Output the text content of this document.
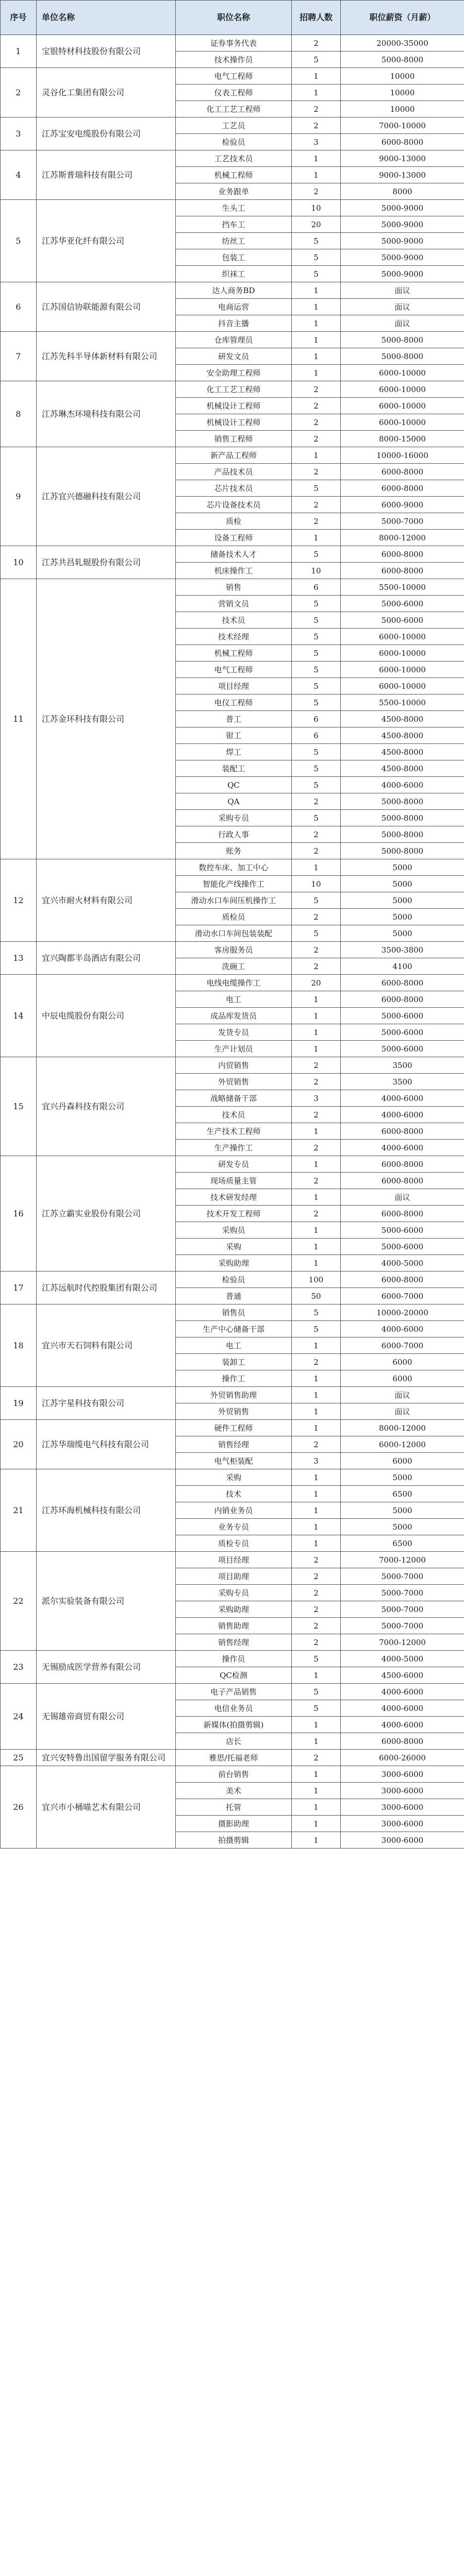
序号	单位名称	职位名称	招聘人数	职位薪资（月薪）
1	宝银特材科技股份有限公司	证券事务代表	2	20000-35000
		技术操作员	5	5000-8000
2	灵谷化工集团有限公司	电气工程师	1	10000
		仪表工程师	1	10000
		化工工艺工程师	2	10000
3	江苏宝安电缆股份有限公司	工艺员	2	7000-10000
		检验员	3	6000-8000
4	江苏斯普瑞科技有限公司	工艺技术员	1	9000-13000
		机械工程师	1	9000-13000
		业务跟单	2	8000
5	江苏华亚化纤有限公司	生头工	10	5000-9000
		挡车工	20	5000-9000
		纺丝工	5	5000-9000
		包装工	5	5000-9000
		织袜工	5	5000-9000
6	江苏国信协联能源有限公司	达人商务BD	1	面议
		电商运营	1	面议
		抖音主播	1	面议
7	江苏先科半导体新材料有限公司	仓库管理员	1	5000-8000
		研发文员	1	5000-8000
		安全助理工程师	1	6000-10000
8	江苏琳杰环境科技有限公司	化工工艺工程师	2	6000-10000
		机械设计工程师	2	6000-10000
		机械设计工程师	2	6000-10000
		销售工程师	2	8000-15000
9	江苏宜兴德融科技有限公司	新产品工程师	1	10000-16000
		产品技术员	2	6000-8000
		芯片技术员	5	6000-8000
		芯片设备技术员	2	6000-9000
		质检	2	5000-7000
		设备工程师	1	8000-12000
10	江苏共昌轧辊股份有限公司	储备技术人才	5	6000-8000
		机床操作工	10	6000-8000
11	江苏金环科技有限公司	销售	6	5500-10000
		营销文员	5	5000-6000
		技术员	5	5000-6000
		技术经理	5	6000-10000
		机械工程师	5	6000-10000
		电气工程师	5	6000-10000
		项目经理	5	6000-10000
		电仪工程师	5	5500-10000
		普工	6	4500-8000
		钳工	6	4500-8000
		焊工	5	4500-8000
		装配工	5	4500-8000
		QC	5	4000-6000
		QA	2	5000-8000
		采购专员	5	5000-8000
		行政人事	2	5000-8000
		账务	2	5000-8000
12	宜兴市耐火材料有限公司	数控车床、加工中心	1	5000
		智能化产线操作工	10	5000
		滑动水口车间压机操作工	5	5000
		质检员	2	5000
		滑动水口车间包装装配	5	5000
13	宜兴陶都半岛酒店有限公司	客房服务员	2	3500-3800
		洗碗工	2	4100
14	中辰电缆股份有限公司	电线电缆操作工	20	6000-8000
		电工	1	6000-8000
		成品库发货员	1	5000-6000
		发货专员	1	5000-6000
		生产计划员	1	5000-6000
15	宜兴丹森科技有限公司	内贸销售	2	3500
		外贸销售	2	3500
		战略储备干部	3	4000-6000
		技术员	2	4000-6000
		生产技术工程师	1	6000-8000
		生产操作工	2	4000-6000
16	江苏立霸实业股份有限公司	研发专员	1	6000-8000
		现场质量主管	2	6000-8000
		技术研发经理	1	面议
		技术开发工程师	2	6000-8000
		采购员	1	5000-6000
		采购	1	5000-6000
		采购助理	1	4000-5000
17	江苏远航时代控股集团有限公司	检验员	100	6000-8000
		普通	50	6000-7000
18	宜兴市天石饲料有限公司	销售员	5	10000-20000
		生产中心储备干部	5	4000-6000
		电工	1	6000-7000
		装卸工	2	6000
		操作工	1	6000
19	江苏宇星科技有限公司	外贸销售助理	1	面议
		外贸销售	1	面议
20	江苏华瑞缆电气科技有限公司	硬件工程师	1	8000-12000
		销售经理	2	6000-12000
		电气柜装配	3	6000
21	江苏环海机械科技有限公司	采购	1	5000
		技术	1	6500
		内销业务员	1	5000
		业务专员	1	5000
		质检专员	1	6500
22	派尔实验装备有限公司	项目经理	2	7000-12000
		项目助理	2	5000-7000
		采购专员	2	5000-7000
		采购助理	2	5000-7000
		销售助理	2	5000-7000
		销售经理	2	7000-12000
23	无锡励成医学营养有限公司	操作员	5	4000-5000
		QC检测	1	4500-6000
24	无锡雄帝商贸有限公司	电子产品销售	5	4000-6000
		电信业务员	5	4000-6000
		新媒体(拍摄剪辑)	1	4000-6000
		店长	1	6000-8000
25	宜兴安特鲁出国留学服务有限公司	雅思/托福老师	2	6000-26000
26	宜兴市小桶喵艺术有限公司	前台销售	1	3000-6000
		美术	1	3000-6000
		托管	1	3000-6000
		摄影助理	1	3000-6000
		拍摄剪辑	1	3000-6000
